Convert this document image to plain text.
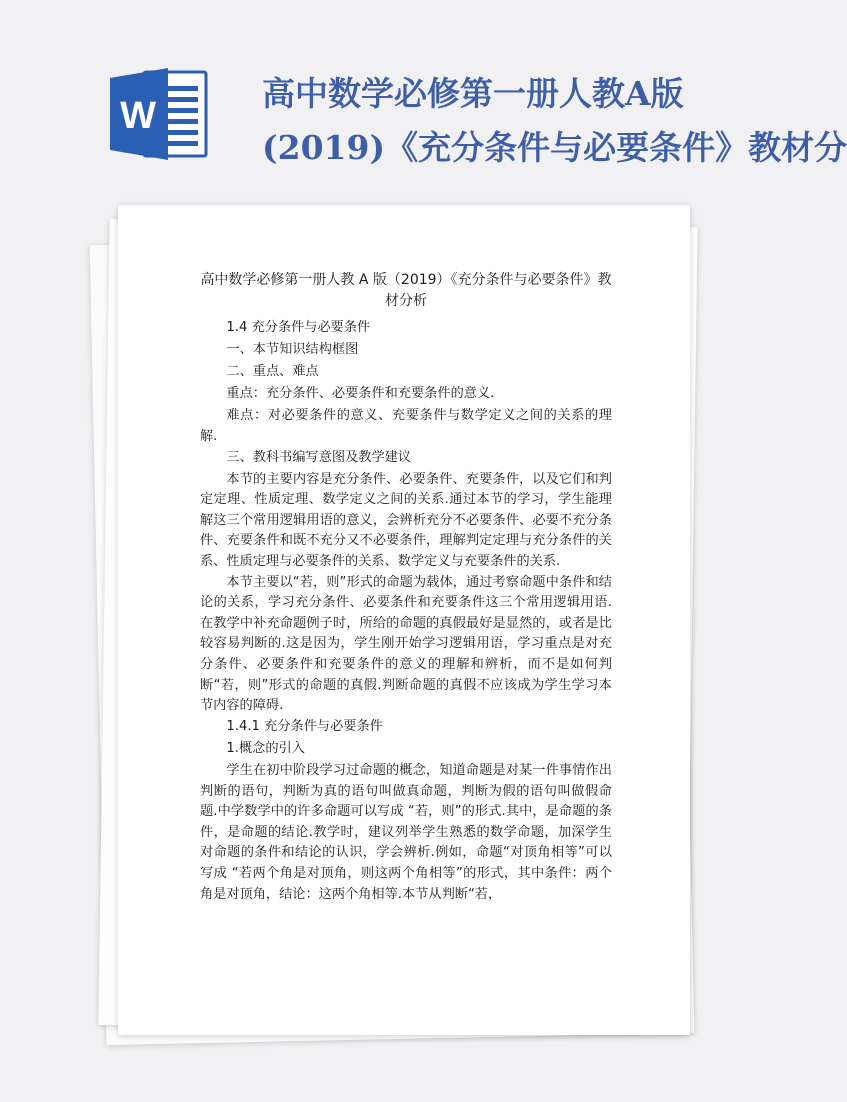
W
高中数学必修第一册人教A版
(2019)《充分条件与必要条件》教材分
高中数学必修第一册人教 A 版（2019）《充分条件与必要条件》教材分析

1.4 充分条件与必要条件

一、本节知识结构框图

二、重点、难点

重点：充分条件、必要条件和充要条件的意义.

难点：对必要条件的意义、充要条件与数学定义之间的关系的理解.

三、教科书编写意图及教学建议

本节的主要内容是充分条件、必要条件、充要条件，以及它们和判定定理、性质定理、数学定义之间的关系.通过本节的学习，学生能理解这三个常用逻辑用语的意义，会辨析充分不必要条件、必要不充分条件、充要条件和既不充分又不必要条件，理解判定定理与充分条件的关系、性质定理与必要条件的关系、数学定义与充要条件的关系.

本节主要以“若，则”形式的命题为载体，通过考察命题中条件和结论的关系，学习充分条件、必要条件和充要条件这三个常用逻辑用语.在教学中补充命题例子时，所给的命题的真假最好是显然的，或者是比较容易判断的.这是因为，学生刚开始学习逻辑用语，学习重点是对充分条件、必要条件和充要条件的意义的理解和辨析，而不是如何判断“若，则”形式的命题的真假.判断命题的真假不应该成为学生学习本节内容的障碍.

1.4.1 充分条件与必要条件

1.概念的引入

学生在初中阶段学习过命题的概念，知道命题是对某一件事情作出判断的语句，判断为真的语句叫做真命题，判断为假的语句叫做假命题.中学数学中的许多命题可以写成 “若，则”的形式.其中，是命题的条件，是命题的结论.教学时，建议列举学生熟悉的数学命题，加深学生对命题的条件和结论的认识，学会辨析.例如，命题“对顶角相等”可以写成 “若两个角是对顶角，则这两个角相等”的形式，其中条件：两个角是对顶角，结论：这两个角相等.本节从判断“若，
